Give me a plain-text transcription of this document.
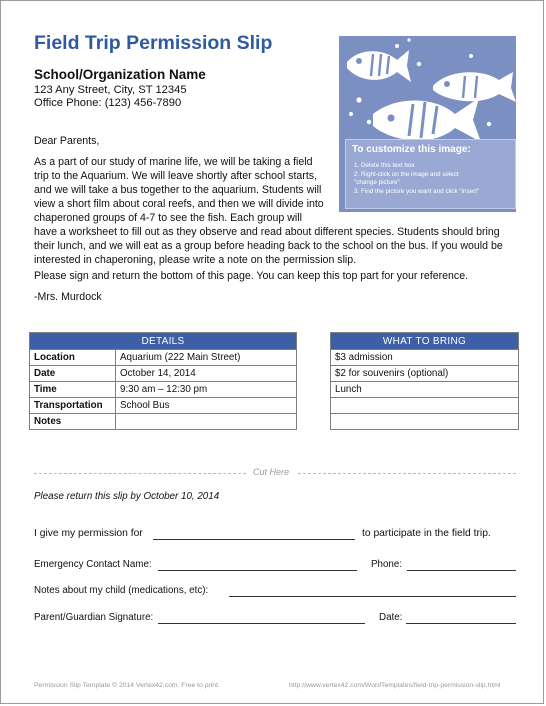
Field Trip Permission Slip
School/Organization Name
123 Any Street, City, ST 12345
Office Phone: (123) 456-7890
To customize this image:
1. Delete this text box
2. Right-click on the image and select
"change picture"
3. Find the picture you want and click "insert"
Dear Parents,
As a part of our study of marine life, we will be taking a field
trip to the Aquarium. We will leave shortly after school starts,
and we will take a bus together to the aquarium. Students will
view a short film about coral reefs, and then we will divide into
chaperoned groups of 4-7 to see the fish. Each group will
have a worksheet to fill out as they observe and read about different species. Students should bring
their lunch, and we will eat as a group before heading back to the school on the bus. If you would be
interested in chaperoning, please write a note on the permission slip.
Please sign and return the bottom of this page. You can keep this top part for your reference.
-Mrs. Murdock
DETAILS	
Location	Aquarium (222 Main Street)
Date	October 14, 2014
Time	9:30 am – 12:30 pm
Transportation	School Bus
Notes	
WHAT TO BRING
$3 admission
$2 for souvenirs (optional)
Lunch

Cut Here
Please return this slip by October 10, 2014
I give my permission for	to participate in the field trip.
Emergency Contact Name:	Phone:
Notes about my child (medications, etc):
Parent/Guardian Signature:	Date:
Permission Slip Template © 2014 Vertex42.com. Free to print.	http://www.vertex42.com/WordTemplates/field-trip-permission-slip.html
